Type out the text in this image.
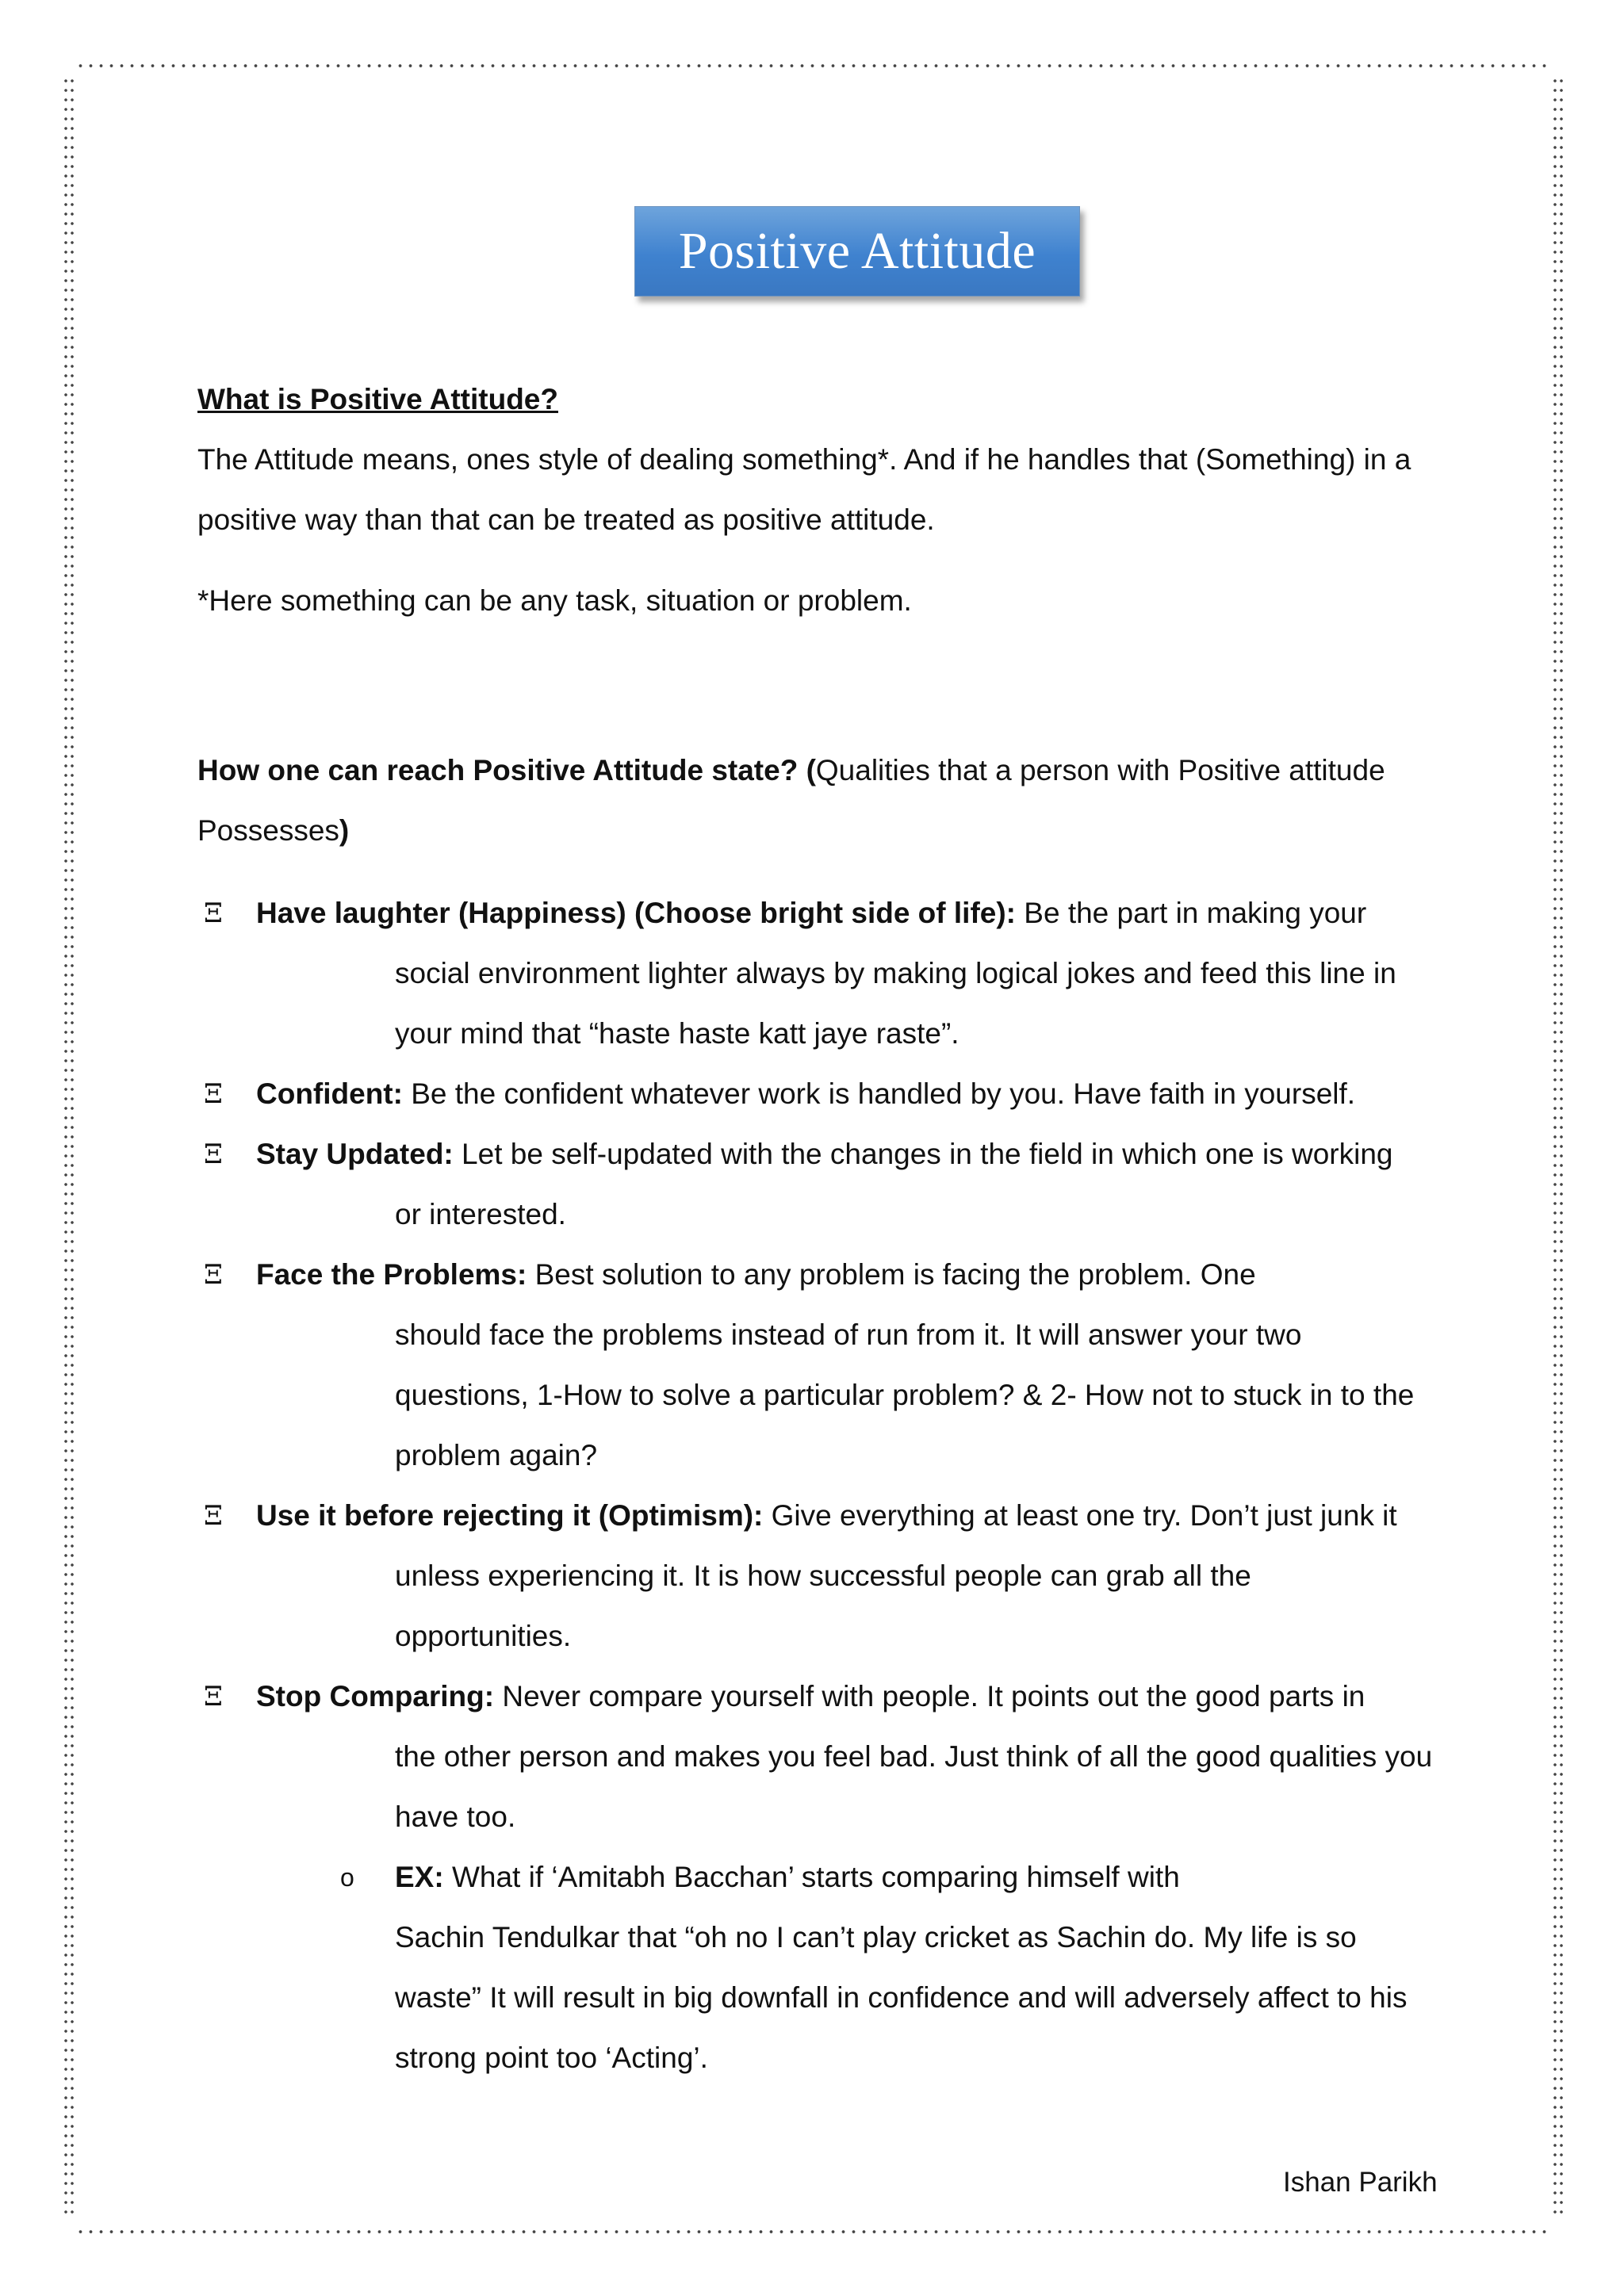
Positive Attitude

What is Positive Attitude?

The Attitude means, ones style of dealing something*. And if he handles that (Something) in a positive way than that can be treated as positive attitude.

*Here something can be any task, situation or problem.

How one can reach Positive Attitude state? (Qualities that a person with Positive attitude Possesses)

Ξ Have laughter (Happiness) (Choose bright side of life): Be the part in making your
social environment lighter always by making logical jokes and feed this line in your mind that “haste haste katt jaye raste”.
Ξ Confident: Be the confident whatever work is handled by you. Have faith in yourself.
Ξ Stay Updated: Let be self-updated with the changes in the field in which one is working
or interested.
Ξ Face the Problems: Best solution to any problem is facing the problem. One
should face the problems instead of run from it. It will answer your two questions, 1-How to solve a particular problem? & 2- How not to stuck in to the problem again?
Ξ Use it before rejecting it (Optimism): Give everything at least one try. Don’t just junk it
unless experiencing it. It is how successful people can grab all the opportunities.
Ξ Stop Comparing: Never compare yourself with people. It points out the good parts in
the other person and makes you feel bad. Just think of all the good qualities you have too.
o EX: What if ‘Amitabh Bacchan’ starts comparing himself with
Sachin Tendulkar that “oh no I can’t play cricket as Sachin do. My life is so waste” It will result in big downfall in confidence and will adversely affect to his strong point too ‘Acting’.
Ishan Parikh
